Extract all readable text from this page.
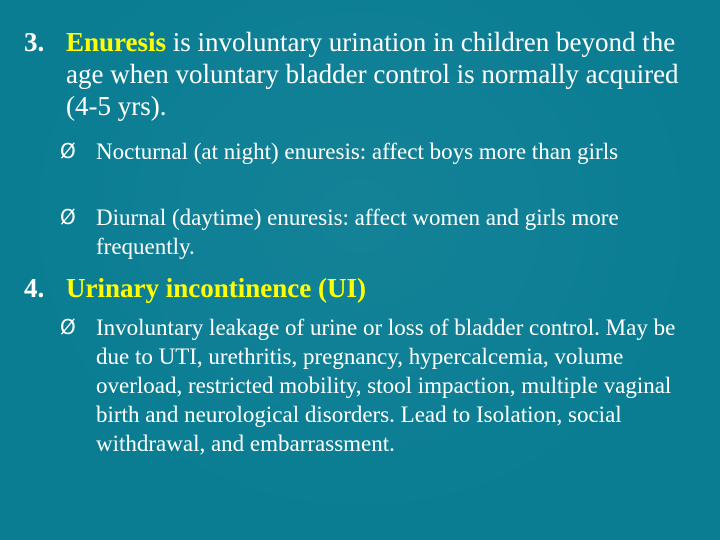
3. Enuresis is involuntary urination in children beyond the age when voluntary bladder control is normally acquired (4-5 yrs).
Ø Nocturnal (at night) enuresis: affect boys more than girls
Ø Diurnal (daytime) enuresis: affect women and girls more frequently.
4. Urinary incontinence (UI)
Ø Involuntary leakage of urine or loss of bladder control. May be due to UTI, urethritis, pregnancy, hypercalcemia, volume overload, restricted mobility, stool impaction, multiple vaginal birth and neurological disorders. Lead to Isolation, social withdrawal, and embarrassment.
